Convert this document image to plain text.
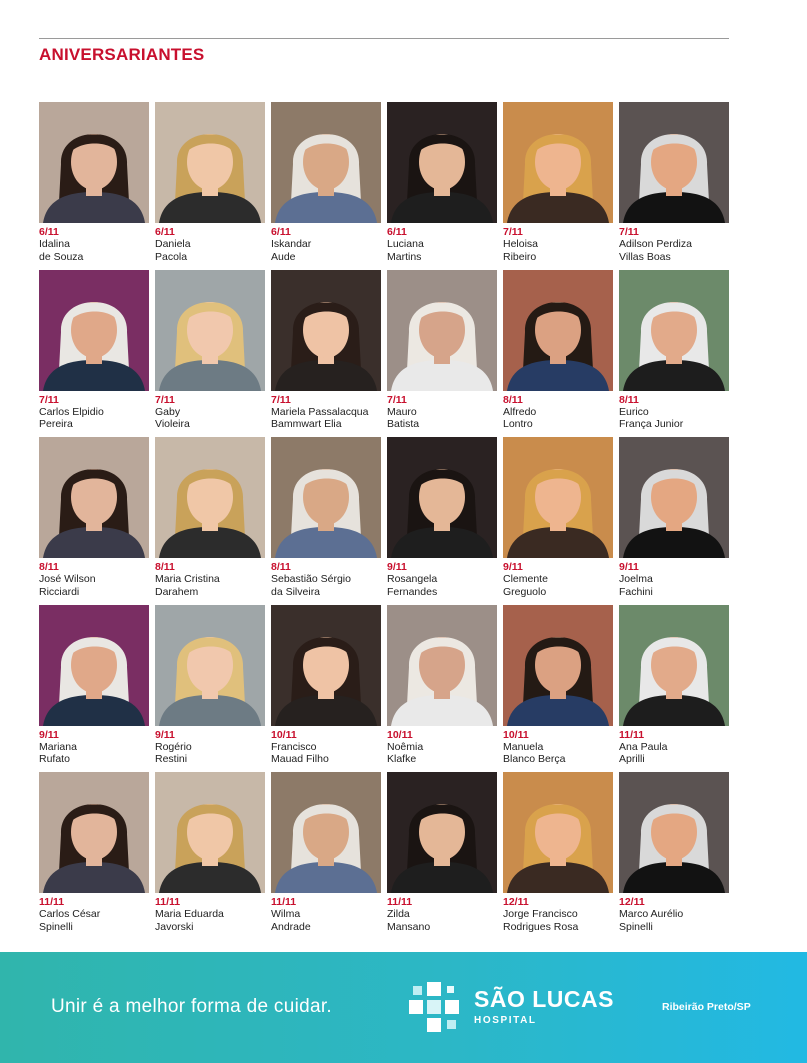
ANIVERSARIANTES
6/11
Idalina
de Souza
6/11
Daniela
Pacola
6/11
Iskandar
Aude
6/11
Luciana
Martins
7/11
Heloisa
Ribeiro
7/11
Adilson Perdiza
Villas Boas
7/11
Carlos Elpidio
Pereira
7/11
Gaby
Violeira
7/11
Mariela Passalacqua
Bammwart Elia
7/11
Mauro
Batista
8/11
Alfredo
Lontro
8/11
Eurico
França Junior
8/11
José Wilson
Ricciardi
8/11
Maria Cristina
Darahem
8/11
Sebastião Sérgio
da Silveira
9/11
Rosangela
Fernandes
9/11
Clemente
Greguolo
9/11
Joelma
Fachini
9/11
Mariana
Rufato
9/11
Rogério
Restini
10/11
Francisco
Mauad Filho
10/11
Noêmia
Klafke
10/11
Manuela
Blanco Berça
11/11
Ana Paula
Aprilli
11/11
Carlos César
Spinelli
11/11
Maria Eduarda
Javorski
11/11
Wilma
Andrade
11/11
Zilda
Mansano
12/11
Jorge Francisco
Rodrigues Rosa
12/11
Marco Aurélio
Spinelli
Unir é a melhor forma de cuidar.	SÃO LUCAS
HOSPITAL
Ribeirão Preto/SP
